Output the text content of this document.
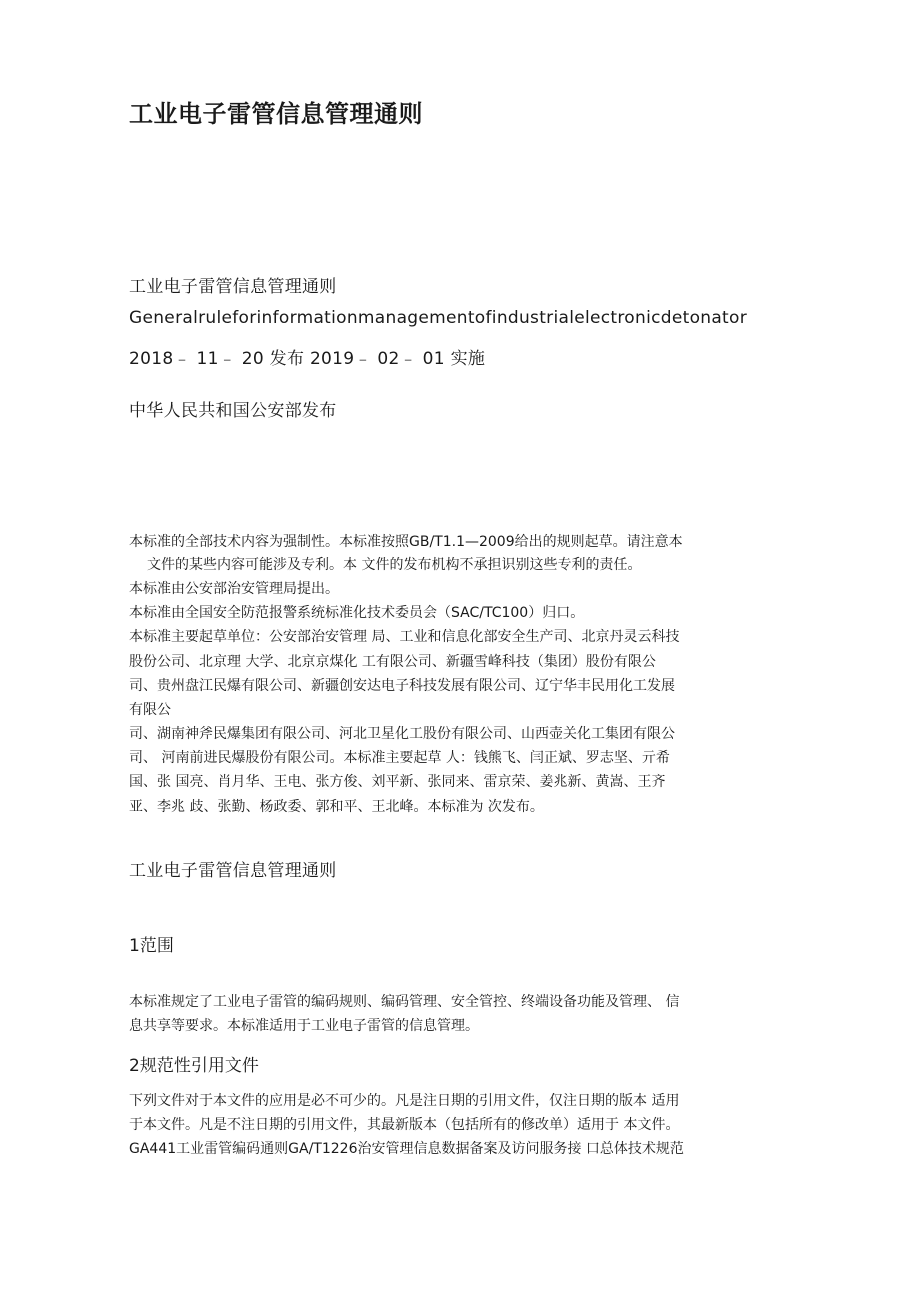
工业电子雷管信息管理通则

工业电子雷管信息管理通则

Generalruleforinformationmanagementofindustrialelectronicdetonator

2018﹣ 11﹣ 20 发布 2019﹣ 02﹣ 01 实施

中华人民共和国公安部发布

本标准的全部技术内容为强制性。本标准按照GB/T1.1—2009给出的规则起草。请注意本

文件的某些内容可能涉及专利。本 文件的发布机构不承担识别这些专利的责任。

本标准由公安部治安管理局提出。

本标准由全国安全防范报警系统标准化技术委员会（SAC/TC100）归口。

本标准主要起草单位：公安部治安管理 局、工业和信息化部安全生产司、北京丹灵云科技

股份公司、北京理 大学、北京京煤化 工有限公司、新疆雪峰科技（集团）股份有限公

司、贵州盘江民爆有限公司、新疆创安达电子科技发展有限公司、辽宁华丰民用化工发展

有限公

司、湖南神斧民爆集团有限公司、河北卫星化工股份有限公司、山西壶关化工集团有限公

司、 河南前进民爆股份有限公司。本标准主要起草 人：钱熊飞、闫正斌、罗志坚、亓希

国、张 国亮、肖月华、王电、张方俊、刘平新、张同来、雷京荣、姜兆新、黄嵩、王齐

亚、李兆 歧、张勤、杨政委、郭和平、王北峰。本标准为 次发布。

工业电子雷管信息管理通则

1范围

本标准规定了工业电子雷管的编码规则、编码管理、安全管控、终端设备功能及管理、 信

息共享等要求。本标准适用于工业电子雷管的信息管理。

2规范性引用文件

下列文件对于本文件的应用是必不可少的。凡是注日期的引用文件，仅注日期的版本 适用

于本文件。凡是不注日期的引用文件，其最新版本（包括所有的修改单）适用于 本文件。

GA441工业雷管编码通则GA/T1226治安管理信息数据备案及访问服务接 口总体技术规范
